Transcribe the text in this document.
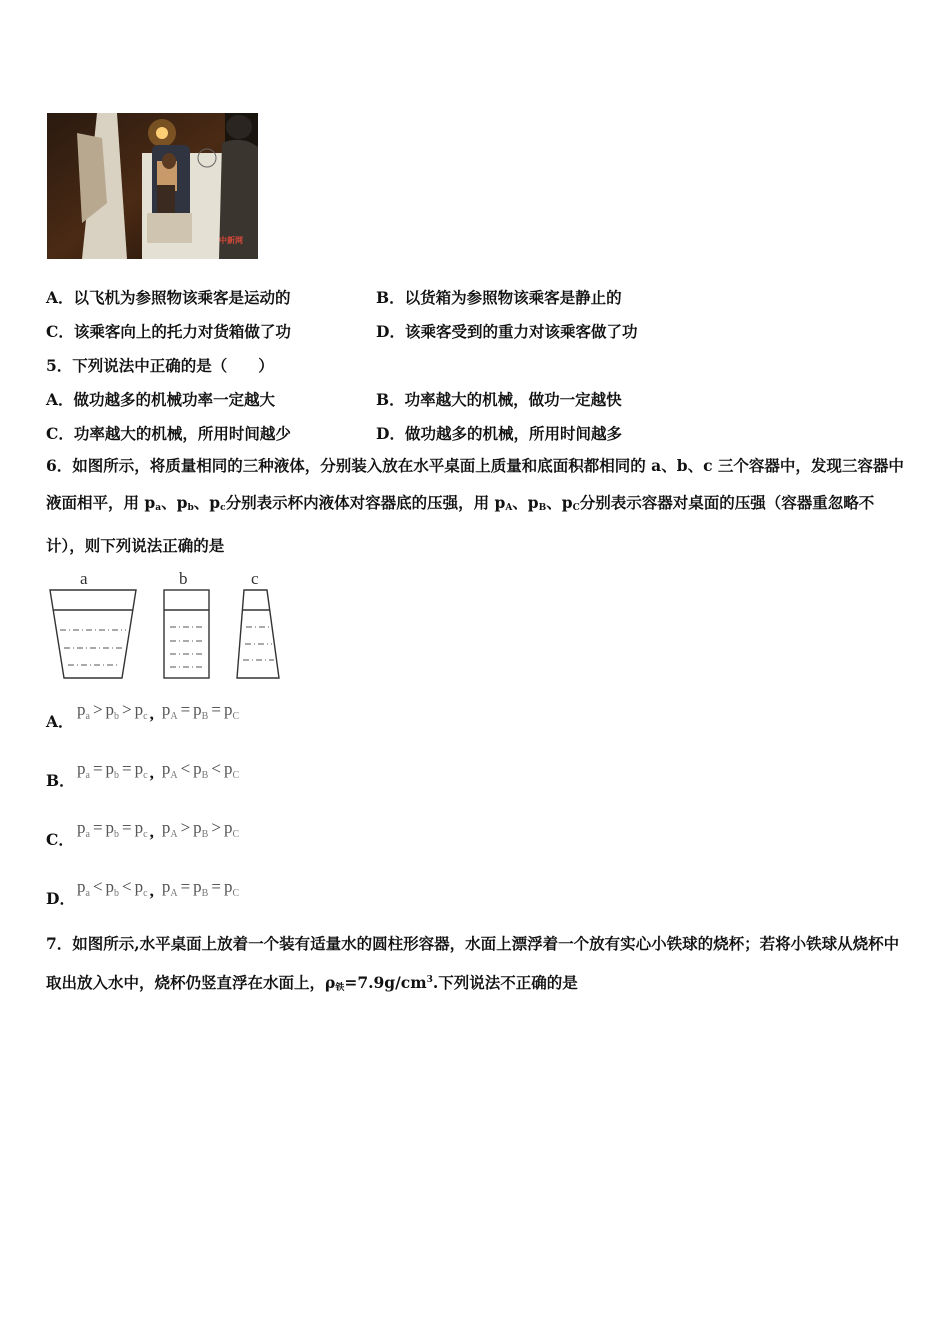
中新网
A．以飞机为参照物该乘客是运动的	B．以货箱为参照物该乘客是静止的
C．该乘客向上的托力对货箱做了功	D．该乘客受到的重力对该乘客做了功
5．下列说法中正确的是（　　）
A．做功越多的机械功率一定越大	B．功率越大的机械，做功一定越快
C．功率越大的机械，所用时间越少	D．做功越多的机械，所用时间越多
6．如图所示，将质量相同的三种液体，分别装入放在水平桌面上质量和底面积都相同的 a、b、c 三个容器中，发现三容器中液面相平，用 $p_a$、$p_b$、$p_c$分别表示杯内液体对容器底的压强，用 $p_A$、$p_B$、$p_C$分别表示容器对桌面的压强（容器重忽略不计），则下列说法正确的是
a	b	c
A．
$p_a > p_b > p_c$ , $p_A = p_B = p_C$
B．
$p_a = p_b = p_c$ , $p_A < p_B < p_C$
C．
$p_a = p_b = p_c$ , $p_A > p_B > p_C$
D．
$p_a < p_b < p_c$ , $p_A = p_B = p_C$
7．如图所示,水平桌面上放着一个装有适量水的圆柱形容器，水面上漂浮着一个放有实心小铁球的烧杯；若将小铁球从烧杯中取出放入水中，烧杯仍竖直浮在水面上，$\rho_铁=7.9g/cm^3$.下列说法不正确的是
